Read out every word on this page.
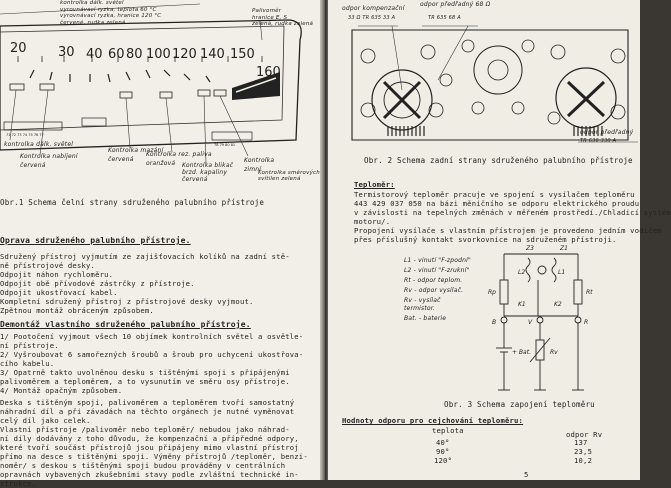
71 72 73 74 75 76 77
78 79 80 81
20 30 40 60 80 100 120 140 150
160
kontrolka dálk. světel
vyrovnávací ryzka, teplota 60 °C
vyrovnávací ryzka, hranice 120 °C
červené, rudka zelená
Palivoměr
hranice E, S
zelená, rudka zelená
kontrolka dálk. světel
Kontrolka nabíjení
červená
Kontrolka mazání
červená
Kontrolka rez. paliva
oranžová	Kontrolka blikač
brzd. kapaliny
červená
Kontrolka
zimní
Kontrolka směrových
svítilen zelená
Obr.1 Schema čelní strany sdruženého palubního přístroje
Oprava sdruženého palubního přístroje.
Sdružený přístroj vyjmutím ze zajišťovacích kolíků na zadní stě-
ně přístrojové desky.
Odpojit náhon rychloměru.
Odpojit obě přívodové zástrčky z přístroje.
Odpojit ukostřovací kabel.
Kompletní sdružený přístroj z přístrojové desky vyjmout.
Zpětnou montáž obráceným způsobem.
Demontáž vlastního sdruženého palubního přístroje.
1/ Pootočení vyjmout všech 10 objímek kontrolních světel a osvětle-
ní přístroje.
2/ Vyšroubovat 6 samořezných šroubů a šroub pro uchycení ukostřova-
cího kabelu.
3/ Opatrně takto uvolněnou desku s tištěnými spoji s připájenými
palivoměrem a teploměrem, a to vysunutím ve směru osy přístroje.
4/ Montáž opačným způsobem.
Deska s tištěným spoji, palivoměrem a teploměrem tvoří samostatný
náhradní díl a při závadách na těchto orgánech je nutné vyměnovat
celý díl jako celek.
Vlastní přístroje /palivoměr nebo teploměr/ nebudou jako náhrad-
ní díly dodávány z toho důvodu, že kompenzační a přípředné odpory,
které tvoří součást přístrojů jsou připájeny mimo vlastní přístroj
přímo na desce s tištěnými spoji. Výměny přístrojů /teploměr, benzi-
noměr/ s deskou s tištěnými spoji budou prováděny v centrálních
opravnách vybavených zkušebními stavy podle zvláštní technické in-
strukce.
odpor kompenzační
odpor předřadný 68 Ω
33 Ω TR 635 33 A	TR 635 68 A
odpor předřadný
TR 636 330 A
Obr. 2 Schema zadní strany sdruženého palubního přístroje
Teploměr:
Termistorový teploměr pracuje ve spojení s vysílačem teploměru
443 429 037 050 na bázi měničního se odporu elektrického proudu
v závislosti na tepelných změnách v měřeném prostředí./Chladicí systém
motoru/.
Propojení vysílače s vlastním přístrojem je provedeno jedním vodičem
přes příslušný kontakt svorkovnice na sdruženém přístroji.
L1 - vinutí "F-zpodní"
L2 - vinutí "F-zrukní"
Rt - odpor teplom.
Rv - odpor vysílač.
Rv - vysílač
termistor.
Bat. - baterie
Z3	Z1
L2	L1
Rp	Rt
K1	K2
B	V	R
+ Bat.	Rv
Obr. 3 Schema zapojení teploměru
Hodnoty odporu pro cejchování teploměru:
teplota	odpor Rv
40°	137
90°	23,5
120°	10,2
5
